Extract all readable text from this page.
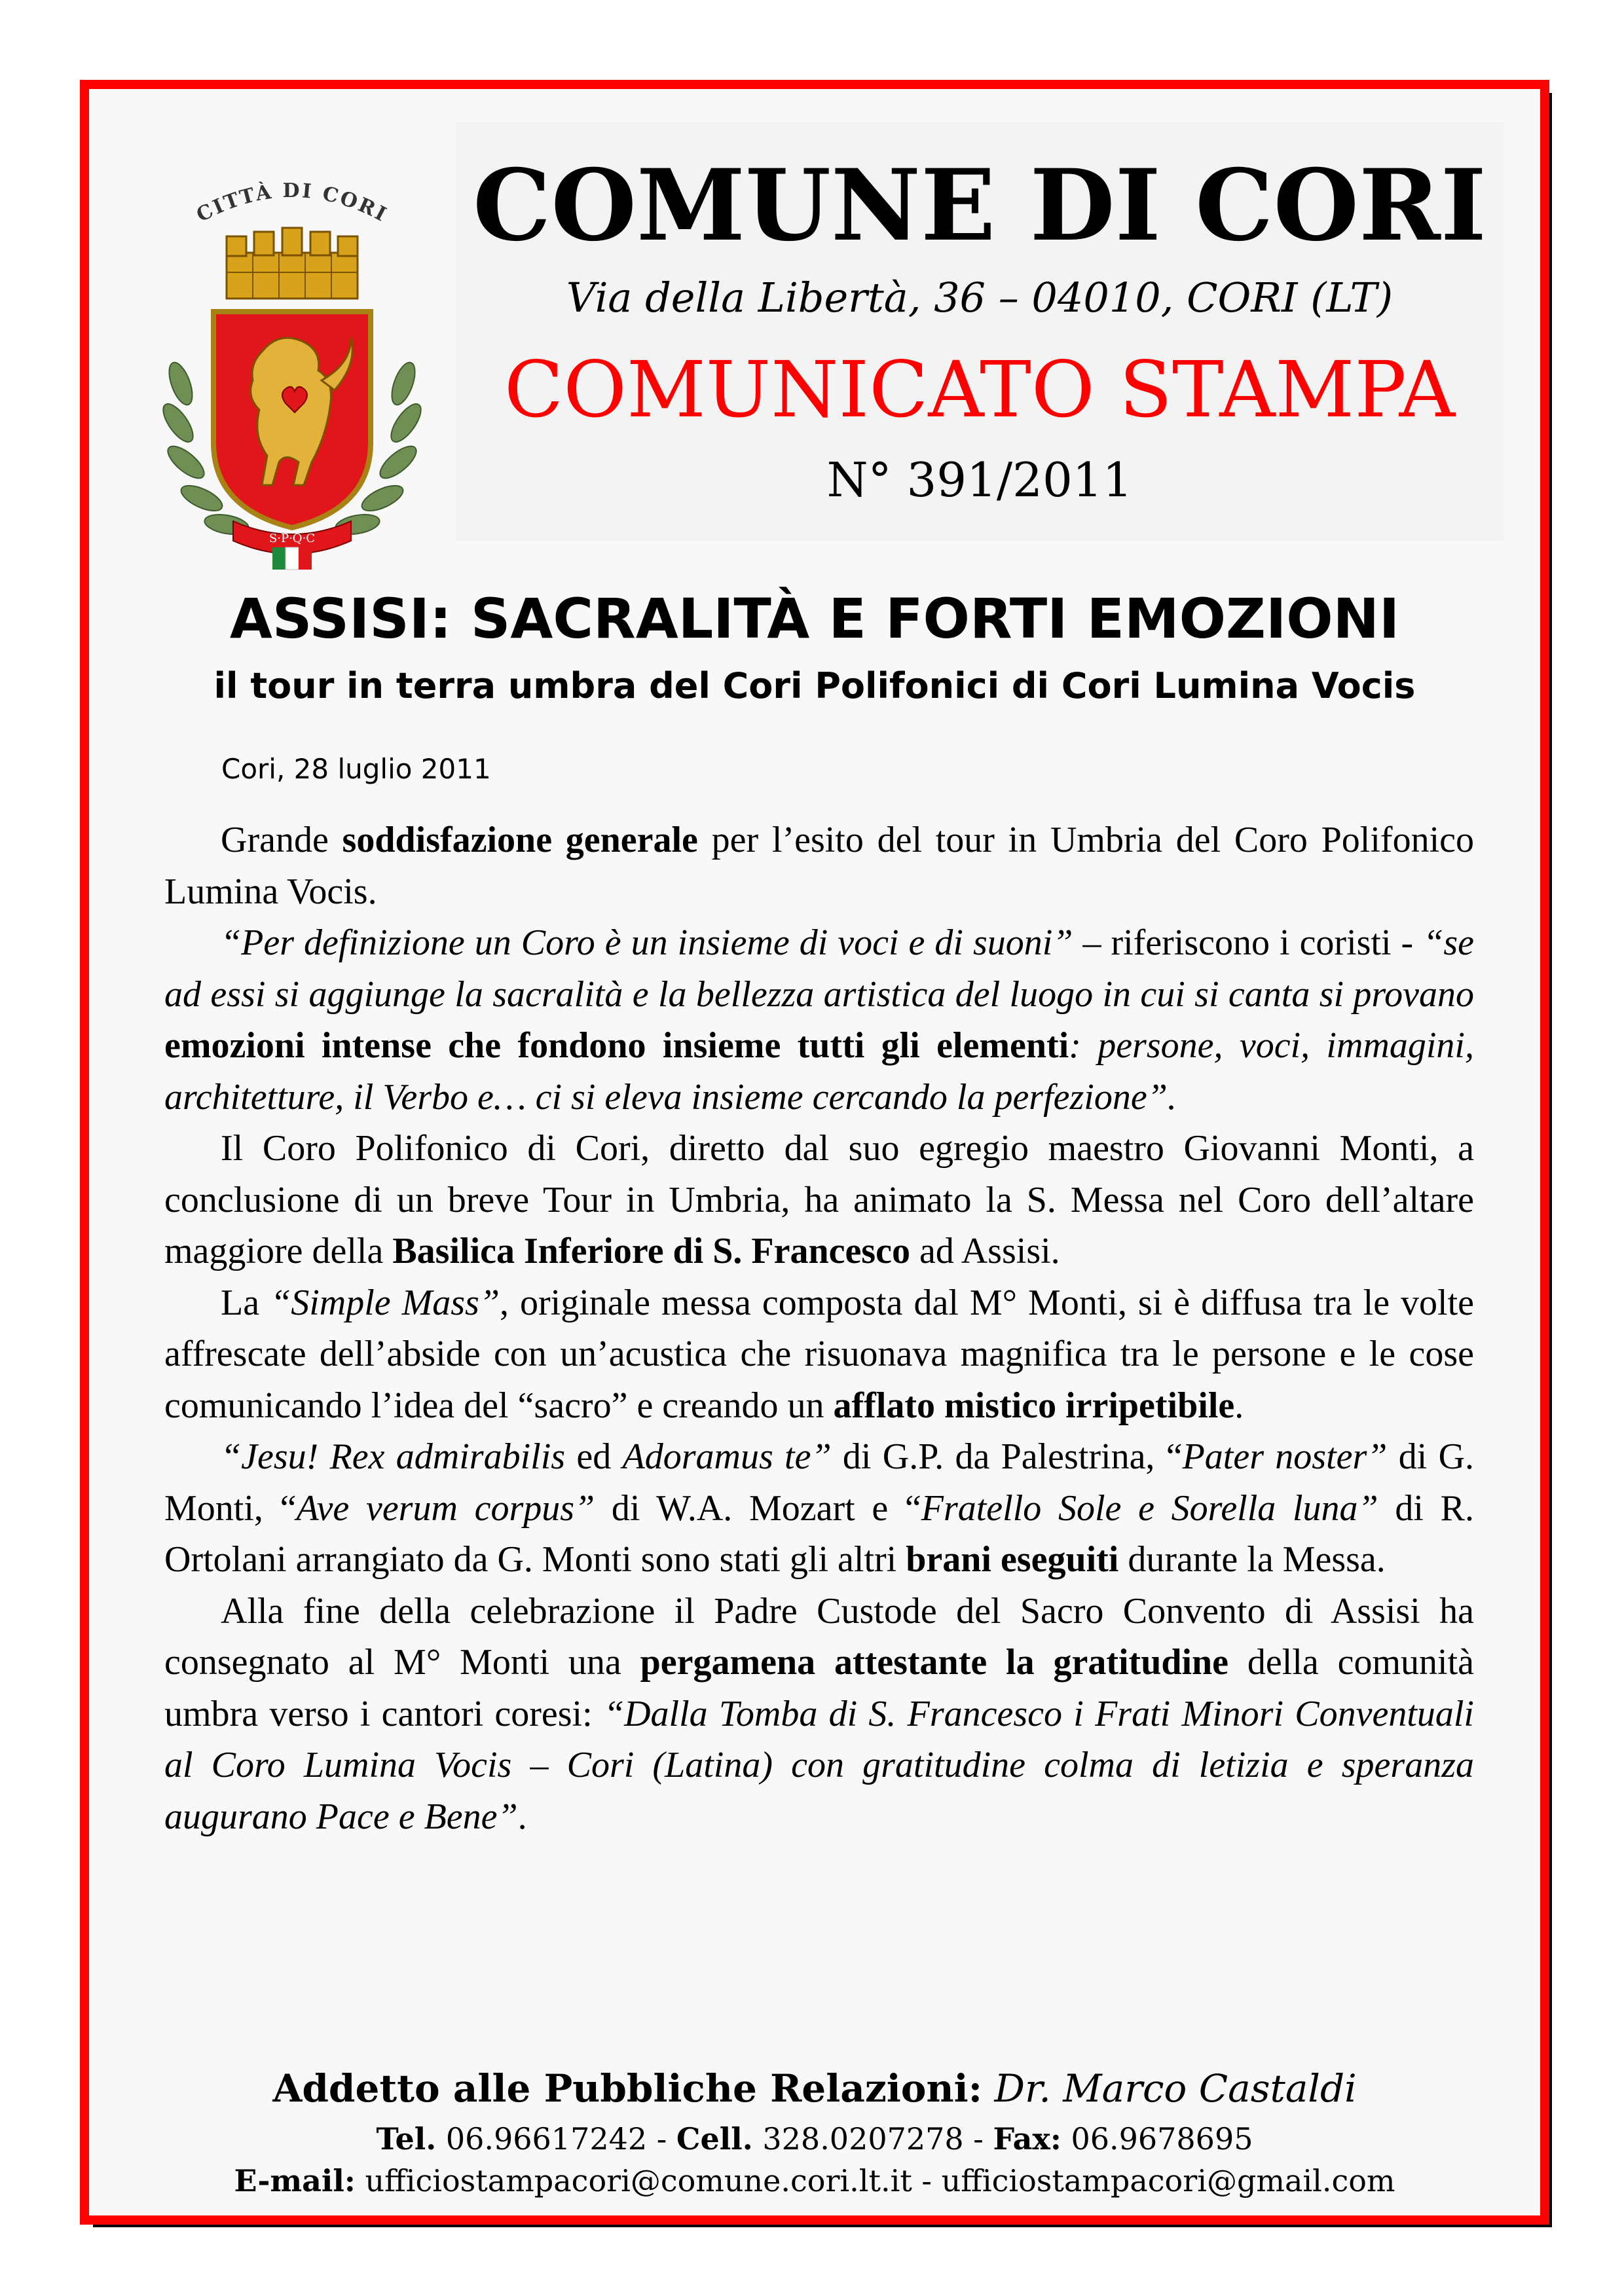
CITTÀ DI CORI
S·P·Q·C
COMUNE DI CORI
Via della Libertà, 36 – 04010, CORI (LT)
COMUNICATO STAMPA
N° 391/2011
ASSISI: SACRALITÀ E FORTI EMOZIONI
il tour in terra umbra del Cori Polifonici di Cori Lumina Vocis
Cori, 28 luglio 2011

Grande soddisfazione generale per l’esito del tour in Umbria del Coro Polifonico Lumina Vocis.

“Per definizione un Coro è un insieme di voci e di suoni” – riferiscono i coristi - “se ad essi si aggiunge la sacralità e la bellezza artistica del luogo in cui si canta si provano emozioni intense che fondono insieme tutti gli elementi: persone, voci, immagini, architetture, il Verbo e… ci si eleva insieme cercando la perfezione”.

Il Coro Polifonico di Cori, diretto dal suo egregio maestro Giovanni Monti, a conclusione di un breve Tour in Umbria, ha animato la S. Messa nel Coro dell’altare maggiore della Basilica Inferiore di S. Francesco ad Assisi.

La “Simple Mass”, originale messa composta dal M° Monti, si è diffusa tra le volte affrescate dell’abside con un’acustica che risuonava magnifica tra le persone e le cose comunicando l’idea del “sacro” e creando un afflato mistico irripetibile.

“Jesu! Rex admirabilis ed Adoramus te” di G.P. da Palestrina, “Pater noster” di G. Monti, “Ave verum corpus” di W.A. Mozart e “Fratello Sole e Sorella luna” di R. Ortolani arrangiato da G. Monti sono stati gli altri brani eseguiti durante la Messa.

Alla fine della celebrazione il Padre Custode del Sacro Convento di Assisi ha consegnato al M° Monti una pergamena attestante la gratitudine della comunità umbra verso i cantori coresi: “Dalla Tomba di S. Francesco i Frati Minori Conventuali al Coro Lumina Vocis – Cori (Latina) con gratitudine colma di letizia e speranza augurano Pace e Bene”.

Addetto alle Pubbliche Relazioni: Dr. Marco Castaldi
Tel. 06.96617242 - Cell. 328.0207278 - Fax: 06.9678695
E-mail: ufficiostampacori@comune.cori.lt.it - ufficiostampacori@gmail.com
